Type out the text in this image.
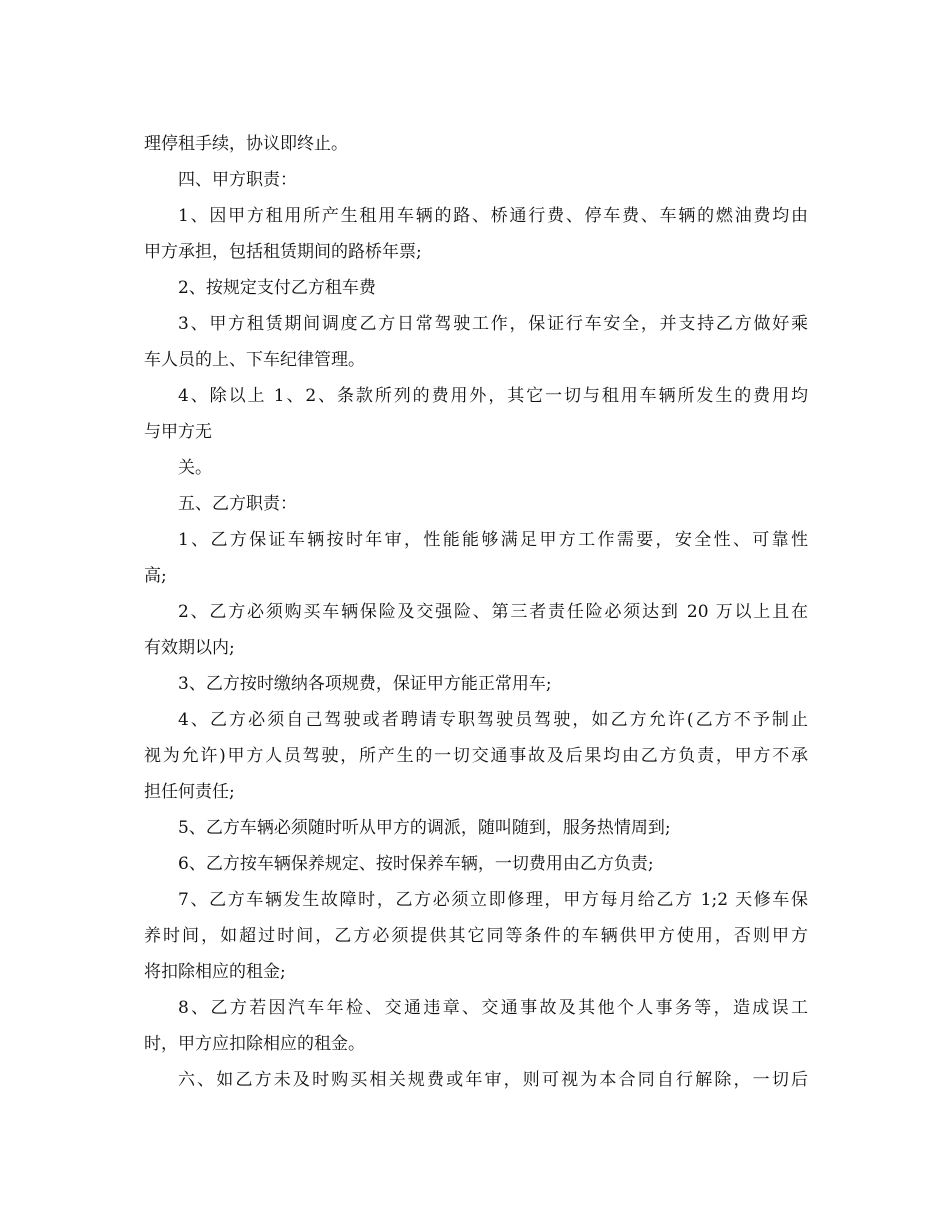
理停租手续，协议即终止。
四、甲方职责：
1、因甲方租用所产生租用车辆的路、桥通行费、停车费、车辆的燃油费均由
甲方承担，包括租赁期间的路桥年票;
2、按规定支付乙方租车费
3、甲方租赁期间调度乙方日常驾驶工作，保证行车安全，并支持乙方做好乘
车人员的上、下车纪律管理。
4、除以上 1、2、条款所列的费用外，其它一切与租用车辆所发生的费用均
与甲方无
关。
五、乙方职责：
1、乙方保证车辆按时年审，性能能够满足甲方工作需要，安全性、可靠性
高;
2、乙方必须购买车辆保险及交强险、第三者责任险必须达到 20 万以上且在
有效期以内;
3、乙方按时缴纳各项规费，保证甲方能正常用车;
4、乙方必须自己驾驶或者聘请专职驾驶员驾驶，如乙方允许(乙方不予制止
视为允许)甲方人员驾驶，所产生的一切交通事故及后果均由乙方负责，甲方不承
担任何责任;
5、乙方车辆必须随时听从甲方的调派，随叫随到，服务热情周到;
6、乙方按车辆保养规定、按时保养车辆，一切费用由乙方负责;
7、乙方车辆发生故障时，乙方必须立即修理，甲方每月给乙方 1;2 天修车保
养时间，如超过时间，乙方必须提供其它同等条件的车辆供甲方使用，否则甲方
将扣除相应的租金;
8、乙方若因汽车年检、交通违章、交通事故及其他个人事务等，造成误工
时，甲方应扣除相应的租金。
六、如乙方未及时购买相关规费或年审，则可视为本合同自行解除，一切后
